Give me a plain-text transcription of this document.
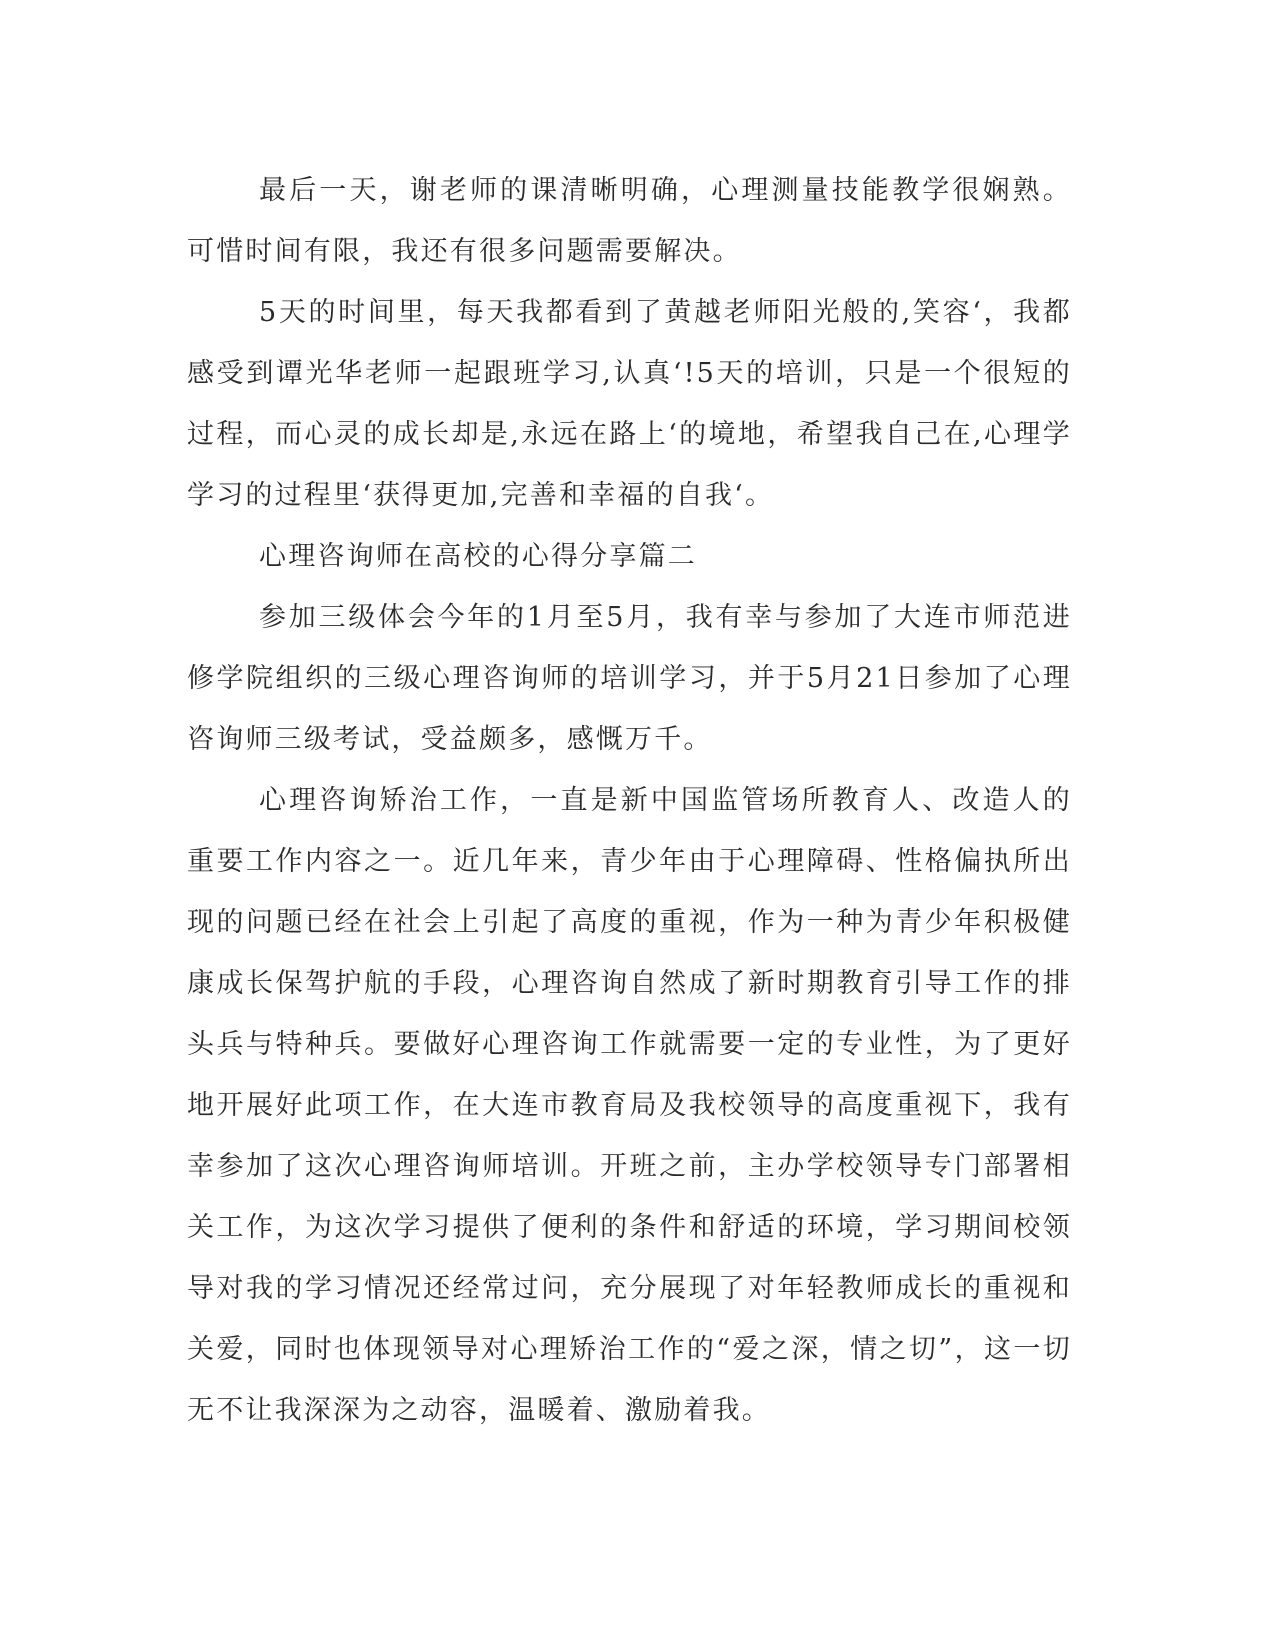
最后一天，谢老师的课清晰明确，心理测量技能教学很娴熟。可惜时间有限，我还有很多问题需要解决。

5天的时间里，每天我都看到了黄越老师阳光般的,笑容‘，我都感受到谭光华老师一起跟班学习,认真‘!5天的培训，只是一个很短的过程，而心灵的成长却是,永远在路上‘的境地，希望我自己在,心理学学习的过程里‘获得更加,完善和幸福的自我‘。

心理咨询师在高校的心得分享篇二

参加三级体会今年的1月至5月，我有幸与参加了大连市师范进修学院组织的三级心理咨询师的培训学习，并于5月21日参加了心理咨询师三级考试，受益颇多，感慨万千。

心理咨询矫治工作，一直是新中国监管场所教育人、改造人的重要工作内容之一。近几年来，青少年由于心理障碍、性格偏执所出现的问题已经在社会上引起了高度的重视，作为一种为青少年积极健康成长保驾护航的手段，心理咨询自然成了新时期教育引导工作的排头兵与特种兵。要做好心理咨询工作就需要一定的专业性，为了更好地开展好此项工作，在大连市教育局及我校领导的高度重视下，我有幸参加了这次心理咨询师培训。开班之前，主办学校领导专门部署相关工作，为这次学习提供了便利的条件和舒适的环境，学习期间校领导对我的学习情况还经常过问，充分展现了对年轻教师成长的重视和关爱，同时也体现领导对心理矫治工作的“爱之深，情之切”，这一切无不让我深深为之动容，温暖着、激励着我。
